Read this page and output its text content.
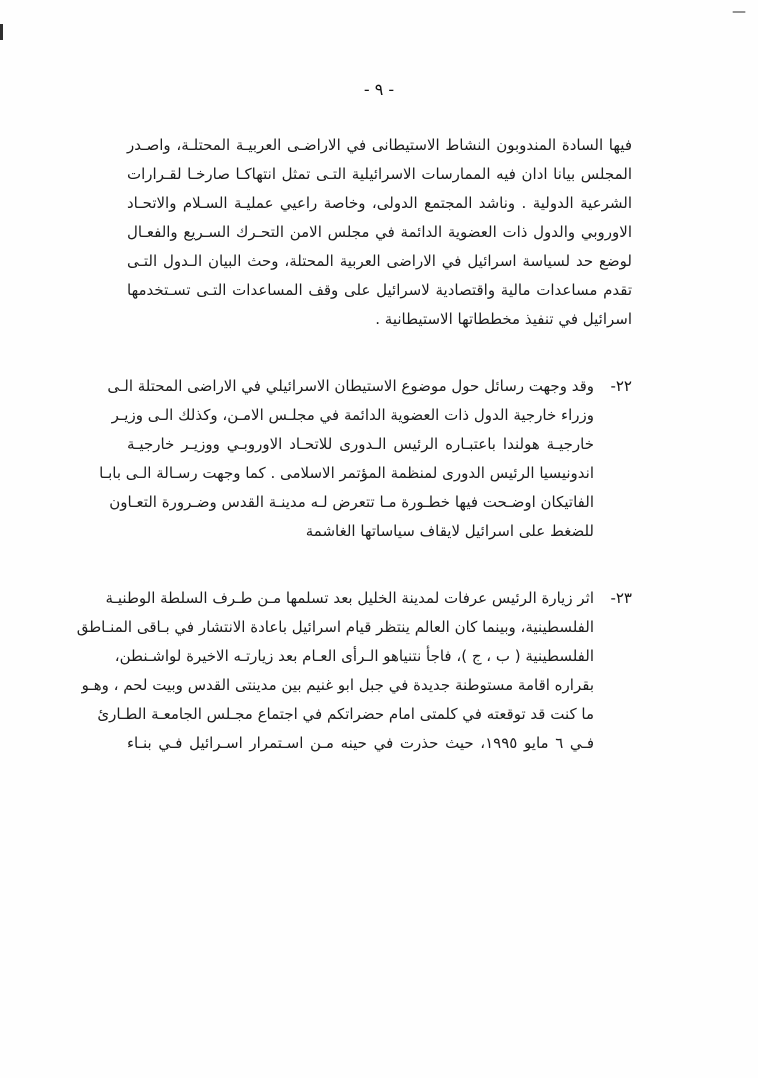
—
- ٩ -
فيها السادة المندوبون النشاط الاستيطانى في الاراضـى العربيـة المحتلـة، واصـدر
المجلس بيانا ادان فيه الممارسات الاسرائيلية التـى تمثل انتهاكـا صارخـا لقـرارات
الشرعية الدولية . وناشد المجتمع الدولى، وخاصة راعيي عمليـة السـلام والاتحـاد
الاوروبي والدول ذات العضوية الدائمة في مجلس الامن التحـرك السـريع والفعـال
لوضع حد لسياسة اسرائيل في الاراضى العربية المحتلة، وحث البيان الـدول التـى
تقدم مساعدات مالية واقتصادية لاسرائيل على وقف المساعدات التـى تسـتخدمها
اسرائيل في تنفيذ مخططاتها الاستيطانية .
٢٢-
وقد وجهت رسائل حول موضوع الاستيطان الاسرائيلي في الاراضى المحتلة الـى
وزراء خارجية الدول ذات العضوية الدائمة في مجلـس الامـن، وكذلك الـى وزيـر
خارجيـة هولندا باعتبـاره الرئيس الـدورى للاتحـاد الاوروبـي ووزيـر خارجيـة
اندونيسيا الرئيس الدورى لمنظمة المؤتمر الاسلامى . كما وجهت رسـالة الـى بابـا
الفاتيكان اوضـحت فيها خطـورة مـا تتعرض لـه مدينـة القدس وضـرورة التعـاون
للضغط على اسرائيل لايقاف سياساتها الغاشمة
٢٣-
اثر زيارة الرئيس عرفات لمدينة الخليل بعد تسلمها مـن طـرف السلطة الوطنيـة
الفلسطينية، وبينما كان العالم ينتظر قيام اسرائيل باعادة الانتشار في بـاقى المنـاطق
الفلسطينية ( ب ، ج )، فاجأ نتنياهو الـرأى العـام بعد زيارتـه الاخيرة لواشـنطن،
بقراره اقامة مستوطنة جديدة في جبل ابو غنيم بين مدينتى القدس وبيت لحم ، وهـو
ما كنت قد توقعته في كلمتى امام حضراتكم في اجتماع مجـلس الجامعـة الطـارئ
فـي ٦ مايو ١٩٩٥، حيث حذرت في حينه مـن اسـتمرار اسـرائيل فـي بنـاء
